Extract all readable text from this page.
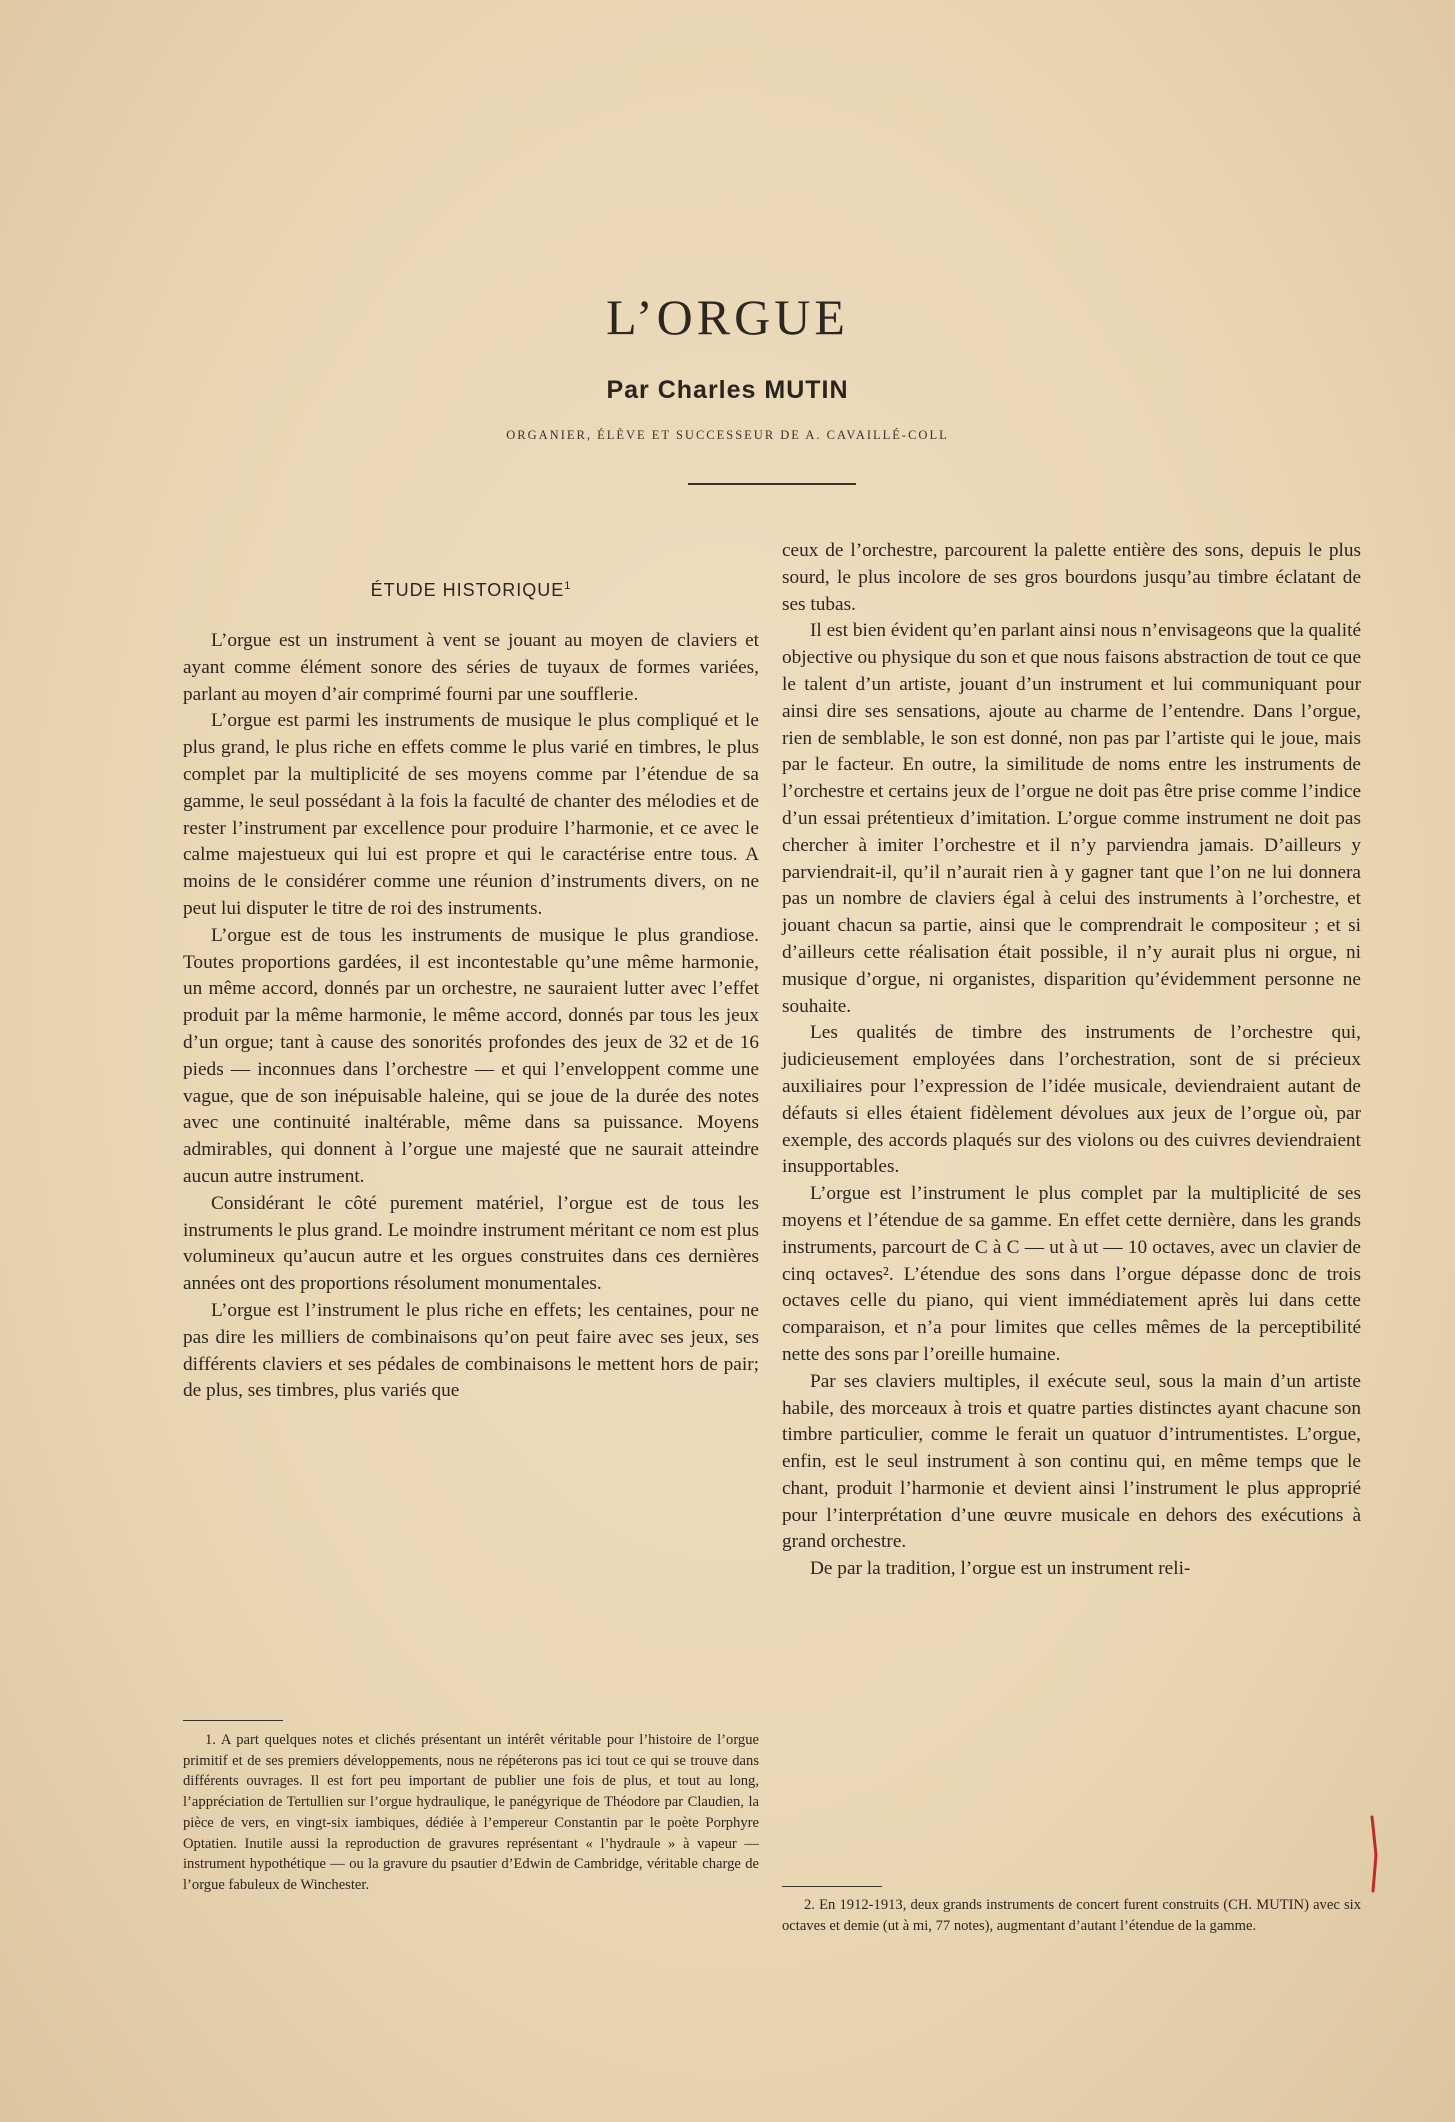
L’ORGUE
Par Charles MUTIN
ORGANIER, ÉLÈVE ET SUCCESSEUR DE A. CAVAILLÉ-COLL
ÉTUDE HISTORIQUE$^1$

L’orgue est un instrument à vent se jouant au moyen de claviers et ayant comme élément sonore des séries de tuyaux de formes variées, parlant au moyen d’air comprimé fourni par une soufflerie.

L’orgue est parmi les instruments de musique le plus compliqué et le plus grand, le plus riche en effets comme le plus varié en timbres, le plus complet par la multiplicité de ses moyens comme par l’étendue de sa gamme, le seul possédant à la fois la faculté de chanter des mélodies et de rester l’instrument par excellence pour produire l’harmonie, et ce avec le calme majestueux qui lui est propre et qui le caractérise entre tous. A moins de le considérer comme une réunion d’instruments divers, on ne peut lui disputer le titre de roi des instruments.

L’orgue est de tous les instruments de musique le plus grandiose. Toutes proportions gardées, il est incontestable qu’une même harmonie, un même accord, donnés par un orchestre, ne sauraient lutter avec l’effet produit par la même harmonie, le même accord, donnés par tous les jeux d’un orgue; tant à cause des sonorités profondes des jeux de 32 et de 16 pieds — inconnues dans l’orchestre — et qui l’enveloppent comme une vague, que de son inépuisable haleine, qui se joue de la durée des notes avec une continuité inaltérable, même dans sa puissance. Moyens admirables, qui donnent à l’orgue une majesté que ne saurait atteindre aucun autre instrument.

Considérant le côté purement matériel, l’orgue est de tous les instruments le plus grand. Le moindre instrument méritant ce nom est plus volumineux qu’aucun autre et les orgues construites dans ces dernières années ont des proportions résolument monumentales.

L’orgue est l’instrument le plus riche en effets; les centaines, pour ne pas dire les milliers de combinaisons qu’on peut faire avec ses jeux, ses différents claviers et ses pédales de combinaisons le mettent hors de pair; de plus, ses timbres, plus variés que

ceux de l’orchestre, parcourent la palette entière des sons, depuis le plus sourd, le plus incolore de ses gros bourdons jusqu’au timbre éclatant de ses tubas.

Il est bien évident qu’en parlant ainsi nous n’envisageons que la qualité objective ou physique du son et que nous faisons abstraction de tout ce que le talent d’un artiste, jouant d’un instrument et lui communiquant pour ainsi dire ses sensations, ajoute au charme de l’entendre. Dans l’orgue, rien de semblable, le son est donné, non pas par l’artiste qui le joue, mais par le facteur. En outre, la similitude de noms entre les instruments de l’orchestre et certains jeux de l’orgue ne doit pas être prise comme l’indice d’un essai prétentieux d’imitation. L’orgue comme instrument ne doit pas chercher à imiter l’orchestre et il n’y parviendra jamais. D’ailleurs y parviendrait-il, qu’il n’aurait rien à y gagner tant que l’on ne lui donnera pas un nombre de claviers égal à celui des instruments à l’orchestre, et jouant chacun sa partie, ainsi que le comprendrait le compositeur ; et si d’ailleurs cette réalisation était possible, il n’y aurait plus ni orgue, ni musique d’orgue, ni organistes, disparition qu’évidemment personne ne souhaite.

Les qualités de timbre des instruments de l’orchestre qui, judicieusement employées dans l’orchestration, sont de si précieux auxiliaires pour l’expression de l’idée musicale, deviendraient autant de défauts si elles étaient fidèlement dévolues aux jeux de l’orgue où, par exemple, des accords plaqués sur des violons ou des cuivres deviendraient insupportables.

L’orgue est l’instrument le plus complet par la multiplicité de ses moyens et l’étendue de sa gamme. En effet cette dernière, dans les grands instruments, parcourt de C à C — ut à ut — 10 octaves, avec un clavier de cinq octaves². L’étendue des sons dans l’orgue dépasse donc de trois octaves celle du piano, qui vient immédiatement après lui dans cette comparaison, et n’a pour limites que celles mêmes de la perceptibilité nette des sons par l’oreille humaine.

Par ses claviers multiples, il exécute seul, sous la main d’un artiste habile, des morceaux à trois et quatre parties distinctes ayant chacune son timbre particulier, comme le ferait un quatuor d’intrumentistes. L’orgue, enfin, est le seul instrument à son continu qui, en même temps que le chant, produit l’harmonie et devient ainsi l’instrument le plus approprié pour l’interprétation d’une œuvre musicale en dehors des exécutions à grand orchestre.

De par la tradition, l’orgue est un instrument reli-

1. A part quelques notes et clichés présentant un intérêt véritable pour l’histoire de l’orgue primitif et de ses premiers développements, nous ne répéterons pas ici tout ce qui se trouve dans différents ouvrages. Il est fort peu important de publier une fois de plus, et tout au long, l’appréciation de Tertullien sur l’orgue hydraulique, le panégyrique de Théodore par Claudien, la pièce de vers, en vingt-six iambiques, dédiée à l’empereur Constantin par le poète Porphyre Optatien. Inutile aussi la reproduction de gravures représentant « l’hydraule » à vapeur — instrument hypothétique — ou la gravure du psautier d’Edwin de Cambridge, véritable charge de l’orgue fabuleux de Winchester.

2. En 1912-1913, deux grands instruments de concert furent construits (CH. MUTIN) avec six octaves et demie (ut à mi, 77 notes), augmentant d’autant l’étendue de la gamme.
